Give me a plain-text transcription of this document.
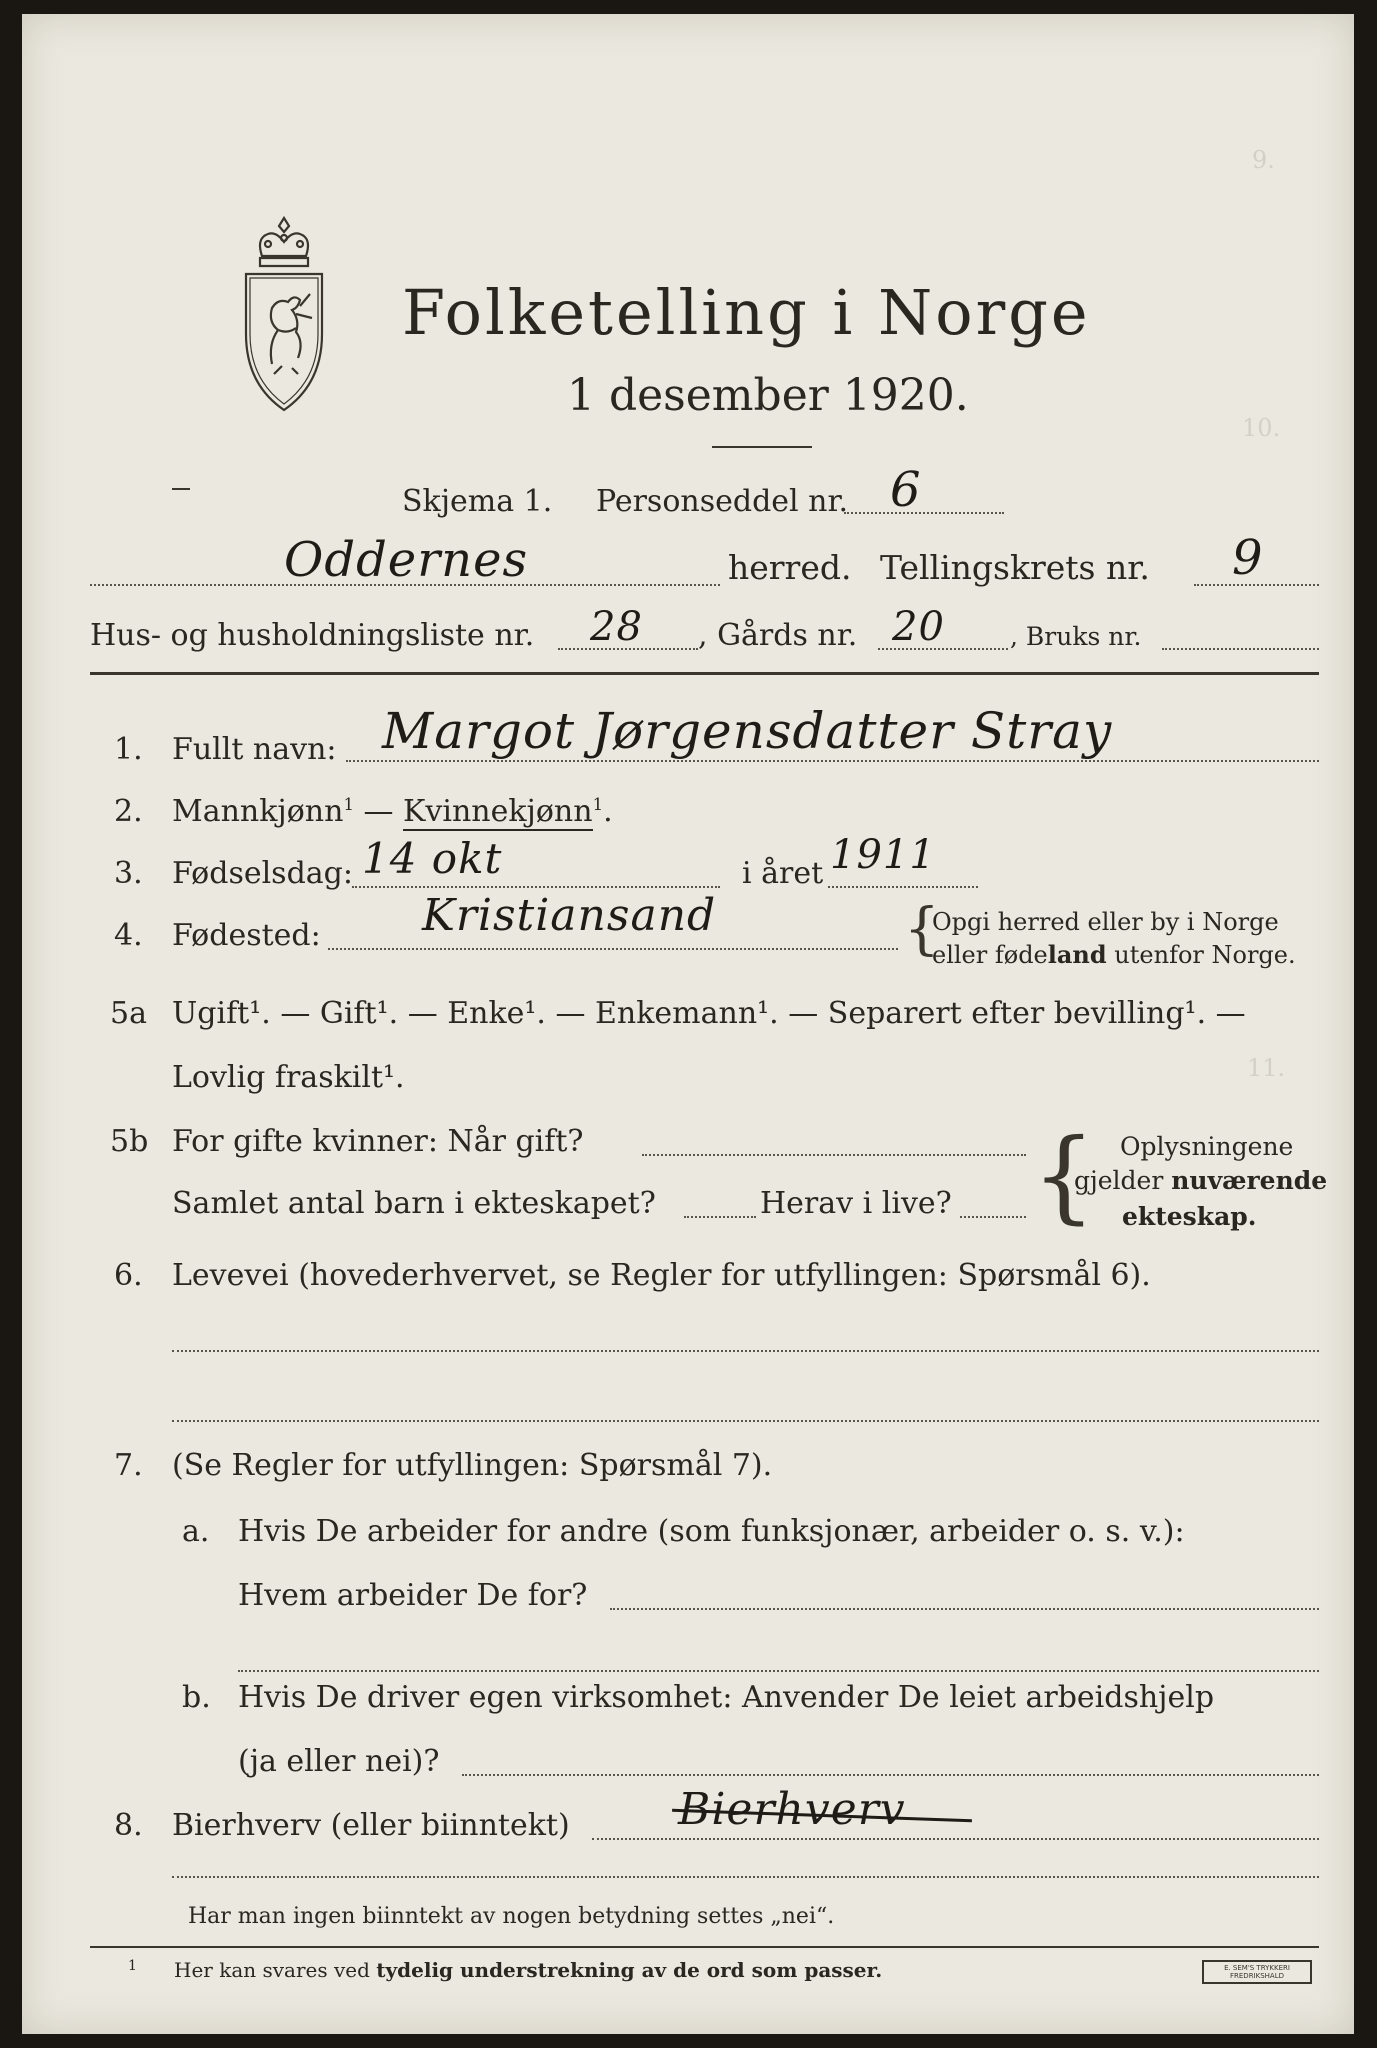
9.
10.
11.
Folketelling i Norge
1 desember 1920.
Skjema 1. Personseddel nr. 6
Oddernes	herred. Tellingskrets nr. 9
Hus- og husholdningsliste nr. 28 , Gårds nr. 20	, Bruks nr.
1. Fullt navn: Margot Jørgensdatter Stray
2. Mannkjønn$^1$ — Kvinnekjønn$^1$.
3. Fødselsdag: 14 okt	i året 1911
4. Fødested: Kristiansand	{
Opgi herred eller by i Norge
eller fødeland utenfor Norge.
5a Ugift¹. — Gift¹. — Enke¹. — Enkemann¹. — Separert efter bevilling¹. —
Lovlig fraskilt¹.
5b For gifte kvinner: Når gift?
Samlet antal barn i ekteskapet?	Herav i live? { Oplysningene
gjelder nuværende
ekteskap.
6. Levevei (hovederhvervet, se Regler for utfyllingen: Spørsmål 6).
7. (Se Regler for utfyllingen: Spørsmål 7).
a. Hvis De arbeider for andre (som funksjonær, arbeider o. s. v.):
Hvem arbeider De for?
b. Hvis De driver egen virksomhet: Anvender De leiet arbeidshjelp
(ja eller nei)?
8. Bierhverv (eller biinntekt) Bierhverv
Har man ingen biinntekt av nogen betydning settes „nei“.
1 Her kan svares ved tydelig understrekning av de ord som passer.	E. SEM'S TRYKKERI
FREDRIKSHALD
